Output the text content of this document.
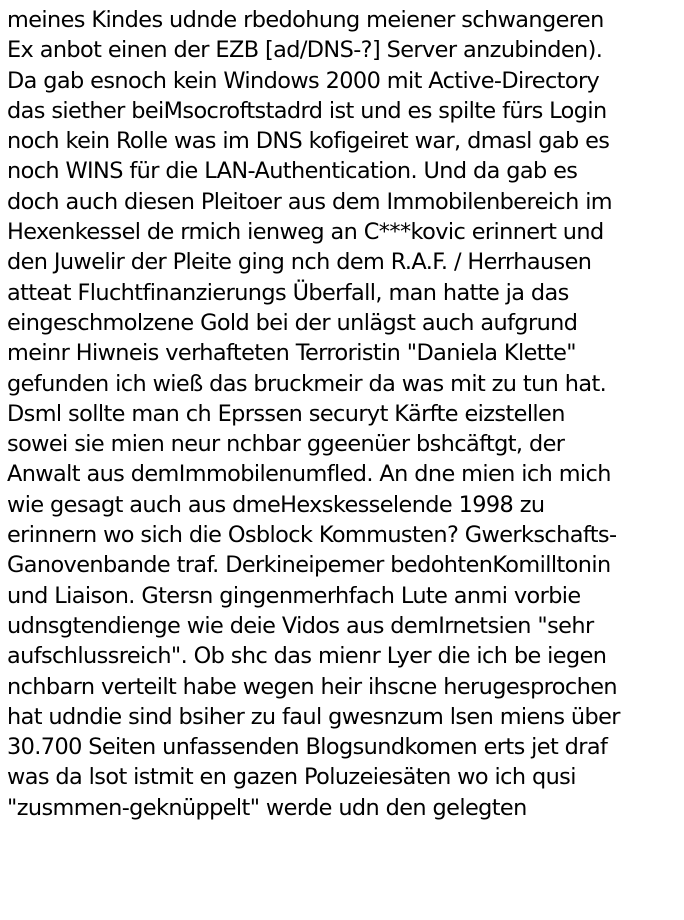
meines Kindes udnde rbedohung meiener schwangeren

Ex anbot einen der EZB [ad/DNS-?] Server anzubinden).

Da gab esnoch kein Windows 2000 mit Active-Directory

das siether beiMsocroftstadrd ist und es spilte fürs Login

noch kein Rolle was im DNS kofigeiret war, dmasl gab es

noch WINS für die LAN-Authentication. Und da gab es

doch auch diesen Pleitoer aus dem Immobilenbereich im

Hexenkessel de rmich ienweg an C***kovic erinnert und

den Juwelir der Pleite ging nch dem R.A.F. / Herrhausen

atteat Fluchtfinanzierungs Überfall, man hatte ja das

eingeschmolzene Gold bei der unlägst auch aufgrund

meinr Hiwneis verhafteten Terroristin "Daniela Klette"

gefunden ich wieß das bruckmeir da was mit zu tun hat.

Dsml sollte man ch Eprssen securyt Kärfte eizstellen

sowei sie mien neur nchbar ggeenüer bshcäftgt, der

Anwalt aus demImmobilenumfled. An dne mien ich mich

wie gesagt auch aus dmeHexskesselende 1998 zu

erinnern wo sich die Osblock Kommusten? Gwerkschafts-

Ganovenbande traf. Derkineipemer bedohtenKomilltonin

und Liaison. Gtersn gingenmerhfach Lute anmi vorbie

udnsgtendienge wie deie Vidos aus demIrnetsien "sehr

aufschlussreich". Ob shc das mienr Lyer die ich be iegen

nchbarn verteilt habe wegen heir ihscne herugesprochen

hat udndie sind bsiher zu faul gwesnzum lsen miens über

30.700 Seiten unfassenden Blogsundkomen erts jet draf

was da lsot istmit en gazen Poluzeiesäten wo ich qusi

"zusmmen-geknüppelt" werde udn den gelegten
